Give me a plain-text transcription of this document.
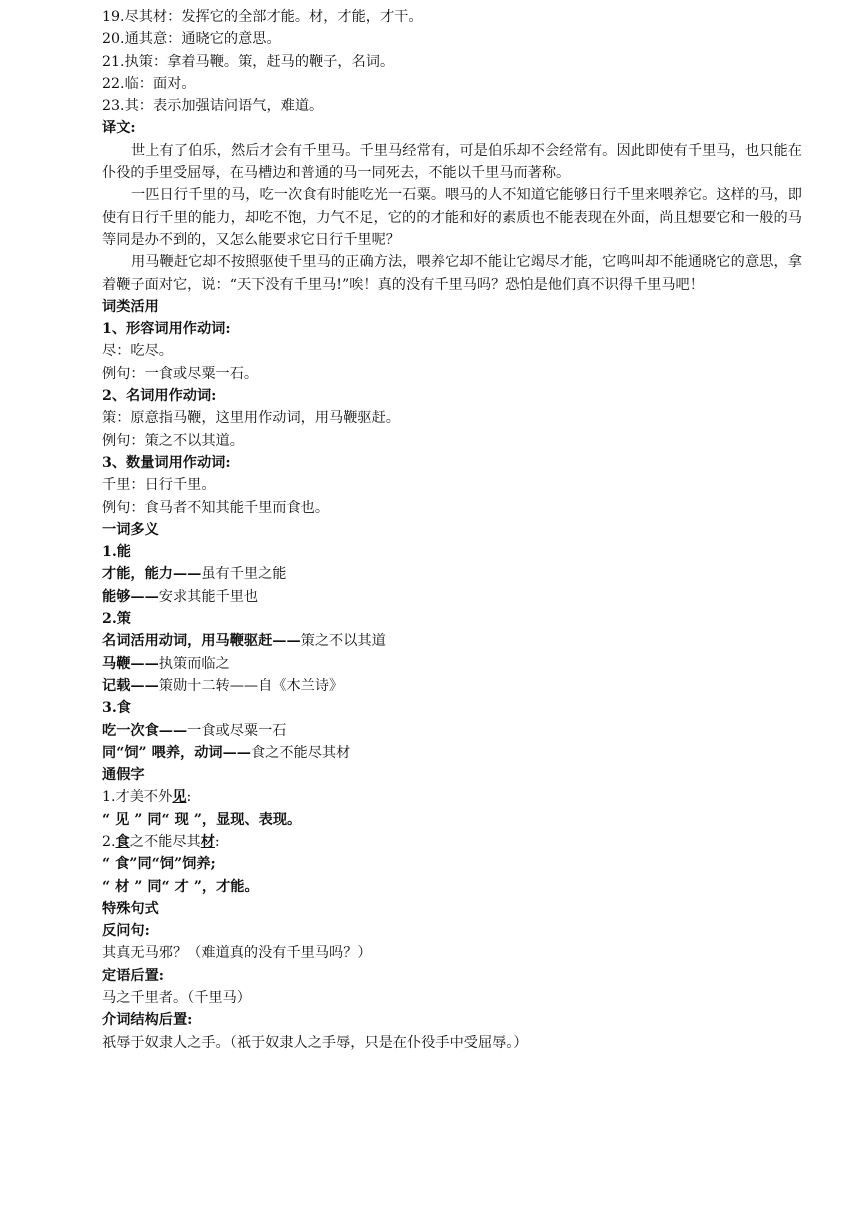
19.尽其材：发挥它的全部才能。材，才能，才干。
20.通其意：通晓它的意思。
21.执策：拿着马鞭。策，赶马的鞭子，名词。
22.临：面对。
23.其：表示加强诘问语气，难道。
译文:
世上有了伯乐，然后才会有千里马。千里马经常有，可是伯乐却不会经常有。因此即使有千里马，也只能在仆役的手里受屈辱，在马槽边和普通的马一同死去，不能以千里马而著称。
一匹日行千里的马，吃一次食有时能吃光一石粟。喂马的人不知道它能够日行千里来喂养它。这样的马，即使有日行千里的能力，却吃不饱，力气不足，它的的才能和好的素质也不能表现在外面，尚且想要它和一般的马等同是办不到的，又怎么能要求它日行千里呢？
用马鞭赶它却不按照驱使千里马的正确方法，喂养它却不能让它竭尽才能，它鸣叫却不能通晓它的意思，拿着鞭子面对它，说：“天下没有千里马!”唉！真的没有千里马吗？恐怕是他们真不识得千里马吧！
词类活用
1、形容词用作动词:
尽：吃尽。
例句：一食或尽粟一石。
2、名词用作动词:
策：原意指马鞭，这里用作动词，用马鞭驱赶。
例句：策之不以其道。
3、数量词用作动词:
千里：日行千里。
例句：食马者不知其能千里而食也。
一词多义
1.能
才能，能力——虽有千里之能
能够——安求其能千里也
2.策
名词活用动词，用马鞭驱赶——策之不以其道
马鞭——执策而临之
记载——策勋十二转——自《木兰诗》
3.食
吃一次食——一食或尽粟一石
同“饲” 喂养，动词——食之不能尽其材
通假字
1.才美不外见:
“ 见 ” 同“ 现 ”，显现、表现。
2.食之不能尽其材:
“ 食”同“饲”饲养;
“ 材 ” 同“ 才 ”，才能。
特殊句式
反问句:
其真无马邪？（难道真的没有千里马吗？）
定语后置:
马之千里者。（千里马）
介词结构后置:
祇辱于奴隶人之手。（祇于奴隶人之手辱，只是在仆役手中受屈辱。）
